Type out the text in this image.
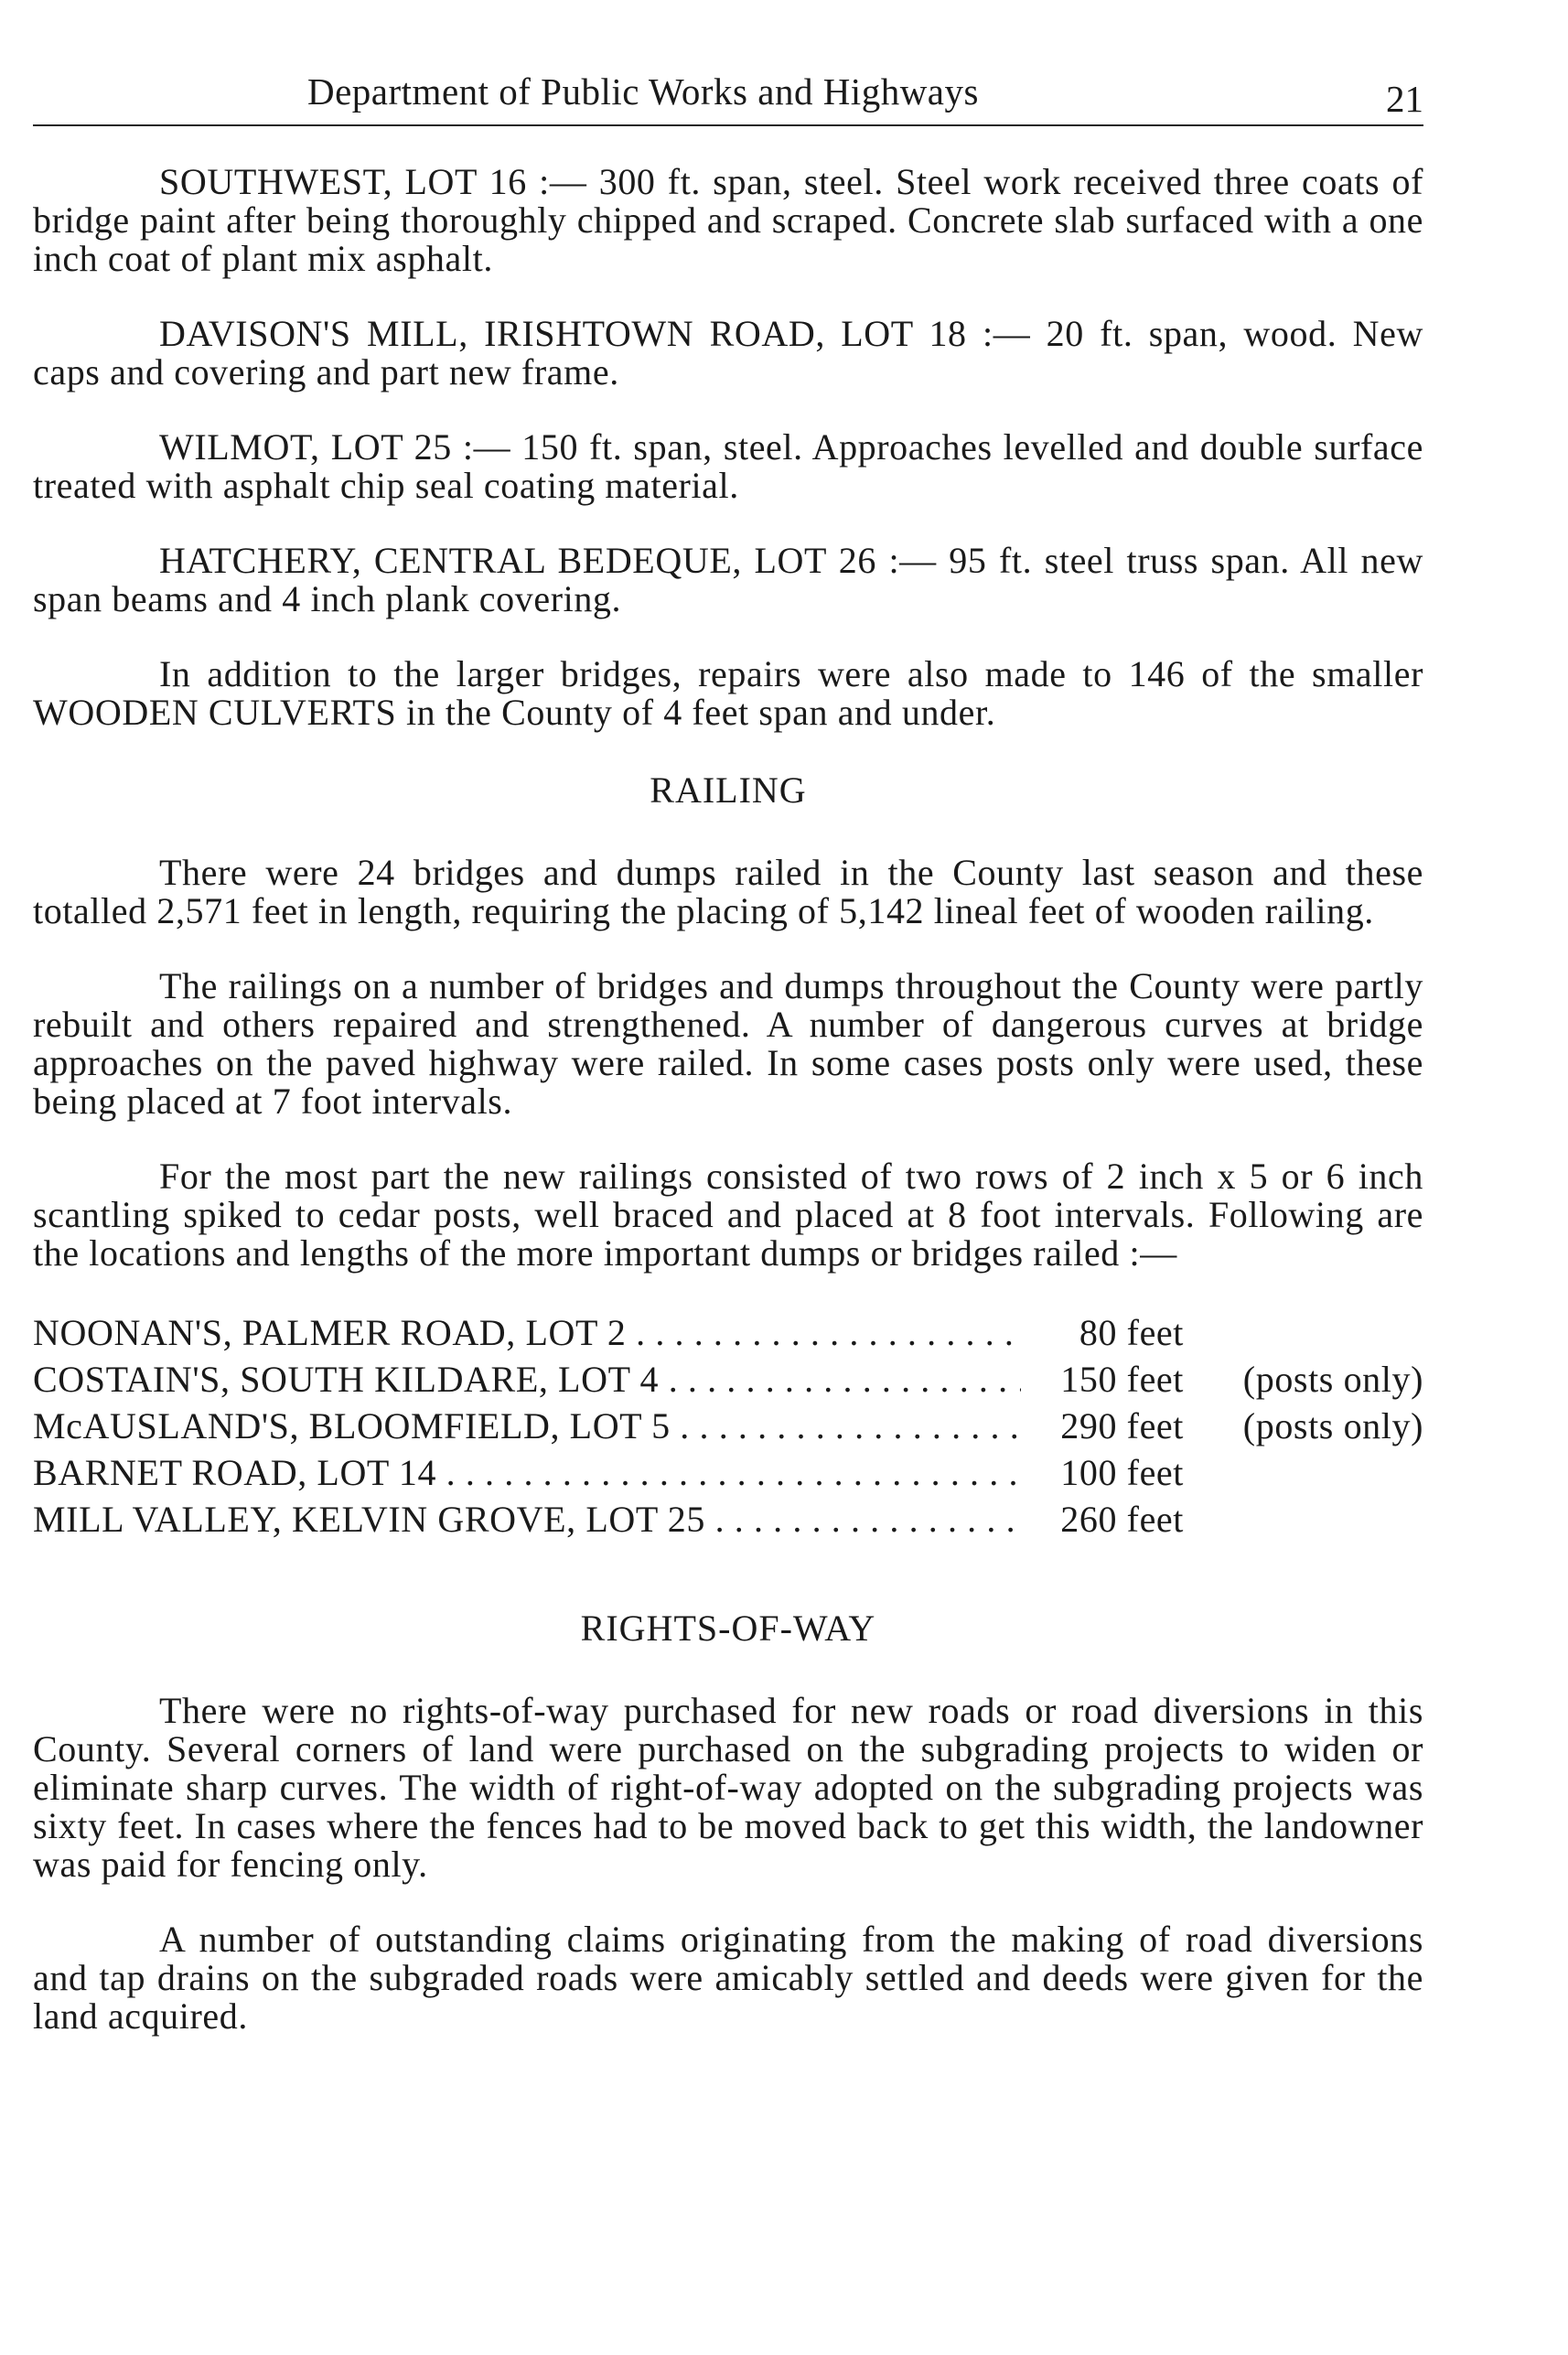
Department of Public Works and Highways	21

SOUTHWEST, LOT 16 :— 300 ft. span, steel. Steel work received three coats of bridge paint after being thoroughly chipped and scraped. Concrete slab surfaced with a one inch coat of plant mix asphalt.

DAVISON'S MILL, IRISHTOWN ROAD, LOT 18 :— 20 ft. span, wood. New caps and covering and part new frame.

WILMOT, LOT 25 :— 150 ft. span, steel. Approaches levelled and double surface treated with asphalt chip seal coating material.

HATCHERY, CENTRAL BEDEQUE, LOT 26 :— 95 ft. steel truss span. All new span beams and 4 inch plank covering.

In addition to the larger bridges, repairs were also made to 146 of the smaller WOODEN CULVERTS in the County of 4 feet span and under.

RAILING

There were 24 bridges and dumps railed in the County last season and these totalled 2,571 feet in length, requiring the placing of 5,142 lineal feet of wooden railing.

The railings on a number of bridges and dumps throughout the County were partly rebuilt and others repaired and strengthened. A number of dangerous curves at bridge approaches on the paved highway were railed. In some cases posts only were used, these being placed at 7 foot intervals.

For the most part the new railings consisted of two rows of 2 inch x 5 or 6 inch scantling spiked to cedar posts, well braced and placed at 8 foot intervals. Following are the locations and lengths of the more important dumps or bridges railed :—

NOONAN'S, PALMER ROAD, LOT 2 . . .	80 feet
COSTAIN'S, SOUTH KILDARE, LOT 4 . . .	150 feet	(posts only)
McAUSLAND'S, BLOOMFIELD, LOT 5 . . .	290 feet	(posts only)
BARNET ROAD, LOT 14 . . .	100 feet
MILL VALLEY, KELVIN GROVE, LOT 25 . . .	260 feet
RIGHTS-OF-WAY

There were no rights-of-way purchased for new roads or road diversions in this County. Several corners of land were purchased on the subgrading projects to widen or eliminate sharp curves. The width of right-of-way adopted on the subgrading projects was sixty feet. In cases where the fences had to be moved back to get this width, the landowner was paid for fencing only.

A number of outstanding claims originating from the making of road diversions and tap drains on the subgraded roads were amicably settled and deeds were given for the land acquired.
